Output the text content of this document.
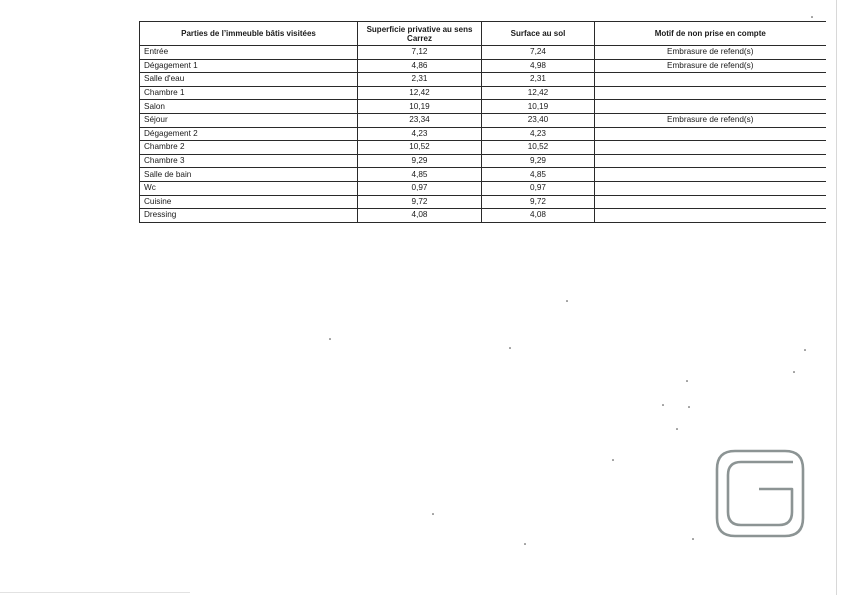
Parties de l’immeuble bâtis visitées	Superficie privative au sens Carrez	Surface au sol	Motif de non prise en compte
Entrée	7,12	7,24	Embrasure de refend(s)
Dégagement 1	4,86	4,98	Embrasure de refend(s)
Salle d'eau	2,31	2,31	
Chambre 1	12,42	12,42	
Salon	10,19	10,19	
Séjour	23,34	23,40	Embrasure de refend(s)
Dégagement 2	4,23	4,23	
Chambre 2	10,52	10,52	
Chambre 3	9,29	9,29	
Salle de bain	4,85	4,85	
Wc	0,97	0,97	
Cuisine	9,72	9,72	
Dressing	4,08	4,08	
